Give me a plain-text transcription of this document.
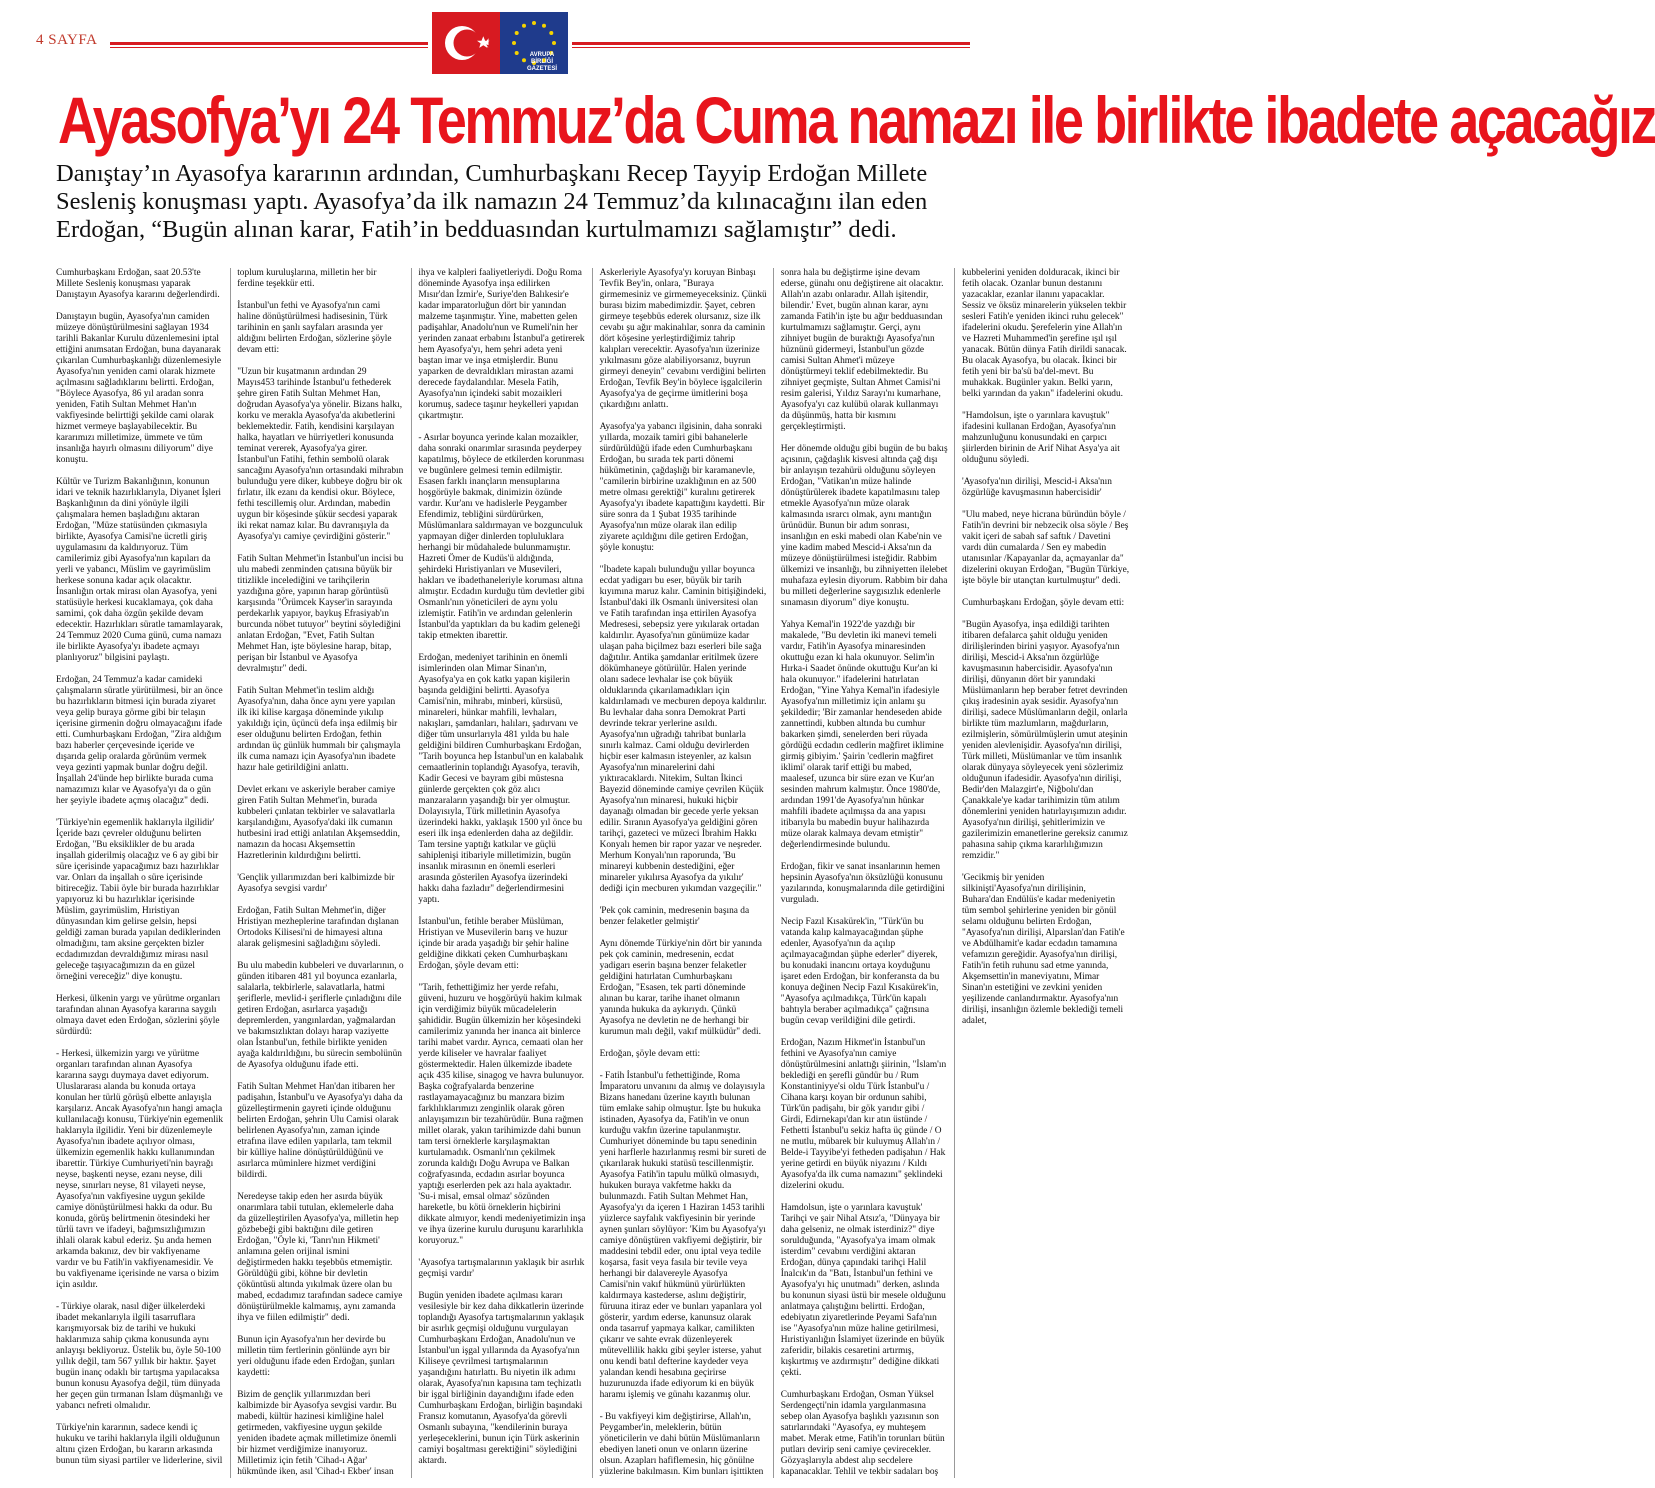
4 SAYFA
AVRUPA BİRLİĞİ GAZETESİ
Ayasofya’yı 24 Temmuz’da Cuma namazı ile birlikte ibadete açacağız
Danıştay’ın Ayasofya kararının ardından, Cumhurbaşkanı Recep Tayyip Erdoğan Millete Sesleniş konuşması yaptı. Ayasofya’da ilk namazın 24 Temmuz’da kılınacağını ilan eden Erdoğan, “Bugün alınan karar, Fatih’in bedduasından kurtulmamızı sağlamıştır” dedi.

Cumhurbaşkanı Erdoğan, saat 20.53'te Millete Sesleniş konuşması yaparak Danıştayın Ayasofya kararını değerlendirdi.

Danıştayın bugün, Ayasofya'nın camiden müzeye dönüştürülmesini sağlayan 1934 tarihli Bakanlar Kurulu düzenlemesini iptal ettiğini anımsatan Erdoğan, buna dayanarak çıkarılan Cumhurbaşkanlığı düzenlemesiyle Ayasofya'nın yeniden cami olarak hizmete açılmasını sağladıklarını belirtti. Erdoğan, "Böylece Ayasofya, 86 yıl aradan sonra yeniden, Fatih Sultan Mehmet Han'ın vakfiyesinde belirttiği şekilde cami olarak hizmet vermeye başlayabilecektir. Bu kararımızı milletimize, ümmete ve tüm insanlığa hayırlı olmasını diliyorum" diye konuştu.

Kültür ve Turizm Bakanlığının, konunun idari ve teknik hazırlıklarıyla, Diyanet İşleri Başkanlığının da dini yönüyle ilgili çalışmalara hemen başladığını aktaran Erdoğan, "Müze statüsünden çıkmasıyla birlikte, Ayasofya Camisi'ne ücretli giriş uygulamasını da kaldırıyoruz. Tüm camilerimiz gibi Ayasofya'nın kapıları da yerli ve yabancı, Müslim ve gayrimüslim herkese sonuna kadar açık olacaktır. İnsanlığın ortak mirası olan Ayasofya, yeni statüsüyle herkesi kucaklamaya, çok daha samimi, çok daha özgün şekilde devam edecektir. Hazırlıkları süratle tamamlayarak, 24 Temmuz 2020 Cuma günü, cuma namazı ile birlikte Ayasofya'yı ibadete açmayı planlıyoruz" bilgisini paylaştı.

Erdoğan, 24 Temmuz'a kadar camideki çalışmaların süratle yürütülmesi, bir an önce bu hazırlıkların bitmesi için burada ziyaret veya gelip buraya görme gibi bir telaşın içerisine girmenin doğru olmayacağını ifade etti. Cumhurbaşkanı Erdoğan, "Zira aldığım bazı haberler çerçevesinde içeride ve dışarıda gelip oralarda görünüm vermek veya gezinti yapmak bunlar doğru değil. İnşallah 24'ünde hep birlikte burada cuma namazımızı kılar ve Ayasofya'yı da o gün her şeyiyle ibadete açmış olacağız" dedi.

'Türkiye'nin egemenlik haklarıyla ilgilidir' İçeride bazı çevreler olduğunu belirten Erdoğan, "Bu eksiklikler de bu arada inşallah giderilmiş olacağız ve 6 ay gibi bir süre içerisinde yapacağımız bazı hazırlıklar var. Onları da inşallah o süre içerisinde bitireceğiz. Tabii öyle bir burada hazırlıklar yapıyoruz ki bu hazırlıklar içerisinde Müslim, gayrimüslim, Hıristiyan dünyasından kim gelirse gelsin, hepsi geldiği zaman burada yapılan dediklerinden olmadığını, tam aksine gerçekten bizler ecdadımızdan devraldığımız mirası nasıl geleceğe taşıyacağımızın da en güzel örneğini vereceğiz" diye konuştu.

Herkesi, ülkenin yargı ve yürütme organları tarafından alınan Ayasofya kararına saygılı olmaya davet eden Erdoğan, sözlerini şöyle sürdürdü:

- Herkesi, ülkemizin yargı ve yürütme organları tarafından alınan Ayasofya kararına saygı duymaya davet ediyorum. Uluslararası alanda bu konuda ortaya konulan her türlü görüşü elbette anlayışla karşılarız. Ancak Ayasofya'nın hangi amaçla kullanılacağı konusu, Türkiye'nin egemenlik haklarıyla ilgilidir. Yeni bir düzenlemeyle Ayasofya'nın ibadete açılıyor olması, ülkemizin egemenlik hakkı kullanımından ibarettir. Türkiye Cumhuriyeti'nin bayrağı neyse, başkenti neyse, ezanı neyse, dili neyse, sınırları neyse, 81 vilayeti neyse, Ayasofya'nın vakfiyesine uygun şekilde camiye dönüştürülmesi hakkı da odur. Bu konuda, görüş belirtmenin ötesindeki her türlü tavrı ve ifadeyi, bağımsızlığımızın ihlali olarak kabul ederiz. Şu anda hemen arkamda bakınız, dev bir vakfiyename vardır ve bu Fatih'in vakfiyenamesidir. Ve bu vakfiyename içerisinde ne varsa o bizim için asıldır.

- Türkiye olarak, nasıl diğer ülkelerdeki ibadet mekanlarıyla ilgili tasarruflara karışmıyorsak biz de tarihi ve hukuki haklarımıza sahip çıkma konusunda aynı anlayışı bekliyoruz. Üstelik bu, öyle 50-100 yıllık değil, tam 567 yıllık bir haktır. Şayet bugün inanç odaklı bir tartışma yapılacaksa bunun konusu Ayasofya değil, tüm dünyada her geçen gün tırmanan İslam düşmanlığı ve yabancı nefreti olmalıdır.

Türkiye'nin kararının, sadece kendi iç hukuku ve tarihi haklarıyla ilgili olduğunun altını çizen Erdoğan, bu kararın arkasında bunun tüm siyasi partiler ve liderlerine, sivil toplum kuruluşlarına, milletin her bir ferdine teşekkür etti.

İstanbul'un fethi ve Ayasofya'nın cami haline dönüştürülmesi hadisesinin, Türk tarihinin en şanlı sayfaları arasında yer aldığını belirten Erdoğan, sözlerine şöyle devam etti:

"Uzun bir kuşatmanın ardından 29 Mayıs453 tarihinde İstanbul'u fethederek şehre giren Fatih Sultan Mehmet Han, doğrudan Ayasofya'ya yönelir. Bizans halkı, korku ve merakla Ayasofya'da akıbetlerini beklemektedir. Fatih, kendisini karşılayan halka, hayatları ve hürriyetleri konusunda teminat vererek, Ayasofya'ya girer. İstanbul'un Fatihi, fethin sembolü olarak sancağını Ayasofya'nın ortasındaki mihrabın bulunduğu yere diker, kubbeye doğru bir ok fırlatır, ilk ezanı da kendisi okur. Böylece, fethi tescillemiş olur. Ardından, mabedin uygun bir köşesinde şükür secdesi yaparak iki rekat namaz kılar. Bu davranışıyla da Ayasofya'yı camiye çevirdiğini gösterir."

Fatih Sultan Mehmet'in İstanbul'un incisi bu ulu mabedi zenminden çatısına büyük bir titizlikle incelediğini ve tarihçilerin yazdığına göre, yapının harap görüntüsü karşısında "Örümcek Kayser'in sarayında perdekarlık yapıyor, baykuş Efrasiyab'ın burcunda nöbet tutuyor" beytini söylediğini anlatan Erdoğan, "Evet, Fatih Sultan Mehmet Han, işte böylesine harap, bitap, perişan bir İstanbul ve Ayasofya devralmıştır" dedi.

Fatih Sultan Mehmet'in teslim aldığı Ayasofya'nın, daha önce aynı yere yapılan ilk iki kilise kargaşa döneminde yıkılıp yakıldığı için, üçüncü defa inşa edilmiş bir eser olduğunu belirten Erdoğan, fethin ardından üç günlük hummalı bir çalışmayla ilk cuma namazı için Ayasofya'nın ibadete hazır hale getirildiğini anlattı.

Devlet erkanı ve askeriyle beraber camiye giren Fatih Sultan Mehmet'in, burada kubbeleri çınlatan tekbirler ve salavatlarla karşılandığını, Ayasofya'daki ilk cumanın hutbesini irad ettiği anlatılan Akşemseddin, namazın da hocası Akşemsettin Hazretlerinin kıldırdığını belirtti.

'Gençlik yıllarımızdan beri kalbimizde bir Ayasofya sevgisi vardır'

Erdoğan, Fatih Sultan Mehmet'in, diğer Hristiyan mezheplerine tarafından dışlanan Ortodoks Kilisesi'ni de himayesi altına alarak gelişmesini sağladığını söyledi.

Bu ulu mabedin kubbeleri ve duvarlarının, o günden itibaren 481 yıl boyunca ezanlarla, salalarla, tekbirlerle, salavatlarla, hatmi şeriflerle, mevlid-i şeriflerle çınladığını dile getiren Erdoğan, asırlarca yaşadığı depremlerden, yangınlardan, yağmalardan ve bakımsızlıktan dolayı harap vaziyette olan İstanbul'un, fethile birlikte yeniden ayağa kaldırıldığını, bu sürecin sembolünün de Ayasofya olduğunu ifade etti.

Fatih Sultan Mehmet Han'dan itibaren her padişahın, İstanbul'u ve Ayasofya'yı daha da güzelleştirmenin gayreti içinde olduğunu belirten Erdoğan, şehrin Ulu Camisi olarak belirlenen Ayasofya'nın, zaman içinde etrafına ilave edilen yapılarla, tam tekmil bir külliye haline dönüştürüldüğünü ve asırlarca müminlere hizmet verdiğini bildirdi.

Neredeyse takip eden her asırda büyük onarımlara tabii tutulan, eklemelerle daha da güzelleştirilen Ayasofya'ya, milletin hep gözbebeği gibi baktığını dile getiren Erdoğan, "Öyle ki, 'Tanrı'nın Hikmeti' anlamına gelen orijinal ismini değiştirmeden hakkı teşebbüs etmemiştir. Görüldüğü gibi, köhne bir devletin çöküntüsü altında yıkılmak üzere olan bu mabed, ecdadımız tarafından sadece camiye dönüştürülmekle kalmamış, aynı zamanda ihya ve fiilen edilmiştir" dedi.

Bunun için Ayasofya'nın her devirde bu milletin tüm fertlerinin gönlünde ayrı bir yeri olduğunu ifade eden Erdoğan, şunları kaydetti:

Bizim de gençlik yıllarımızdan beri kalbimizde bir Ayasofya sevgisi vardır. Bu mabedi, kültür hazinesi kimliğine halel getirmeden, vakfiyesine uygun şekilde yeniden ibadete açmak milletimize önemli bir hizmet verdiğimize inanıyoruz. Milletimiz için fetih 'Cihad-ı Ağar' hükmünde iken, asıl 'Cihad-ı Ekber' insan ihya ve kalpleri faaliyetleriydi. Doğu Roma döneminde Ayasofya inşa edilirken Mısır'dan İzmir'e, Suriye'den Balıkesir'e kadar imparatorluğun dört bir yanından malzeme taşınmıştır. Yine, mabetten gelen padişahlar, Anadolu'nun ve Rumeli'nin her yerinden zanaat erbabını İstanbul'a getirerek hem Ayasofya'yı, hem şehri adeta yeni baştan imar ve inşa etmişlerdir. Bunu yaparken de devraldıkları mirastan azami derecede faydalandılar. Mesela Fatih, Ayasofya'nın içindeki sabit mozaikleri korumuş, sadece taşınır heykelleri yapıdan çıkartmıştır.

- Asırlar boyunca yerinde kalan mozaikler, daha sonraki onarımlar sırasında peyderpey kapatılmış, böylece de etkilerden korunması ve bugünlere gelmesi temin edilmiştir. Esasen farklı inançların mensuplarına hoşgörüyle bakmak, dinimizin özünde vardır. Kur'anı ve hadislerle Peygamber Efendimiz, tebliğini sürdürürken, Müslümanlara saldırmayan ve bozgunculuk yapmayan diğer dinlerden topluluklara herhangi bir müdahalede bulunmamıştır. Hazreti Ömer de Kudüs'ü aldığında, şehirdeki Hıristiyanları ve Musevileri, hakları ve ibadethaneleriyle koruması altına almıştır. Ecdadın kurduğu tüm devletler gibi Osmanlı'nın yöneticileri de aynı yolu izlemiştir. Fatih'in ve ardından gelenlerin İstanbul'da yaptıkları da bu kadim geleneği takip etmekten ibarettir.

Erdoğan, medeniyet tarihinin en önemli isimlerinden olan Mimar Sinan'ın, Ayasofya'ya en çok katkı yapan kişilerin başında geldiğini belirtti. Ayasofya Camisi'nin, mihrabı, minberi, kürsüsü, minareleri, hünkar mahfili, levhaları, nakışları, şamdanları, halıları, şadırvanı ve diğer tüm unsurlarıyla 481 yılda bu hale geldiğini bildiren Cumhurbaşkanı Erdoğan, "Tarih boyunca hep İstanbul'un en kalabalık cemaatlerinin toplandığı Ayasofya, teravih, Kadir Gecesi ve bayram gibi müstesna günlerde gerçekten çok göz alıcı manzaraların yaşandığı bir yer olmuştur. Dolayısıyla, Türk milletinin Ayasofya üzerindeki hakkı, yaklaşık 1500 yıl önce bu eseri ilk inşa edenlerden daha az değildir. Tam tersine yaptığı katkılar ve güçlü sahiplenişi itibariyle milletimizin, bugün insanlık mirasının en önemli eserleri arasında gösterilen Ayasofya üzerindeki hakkı daha fazladır" değerlendirmesini yaptı.

İstanbul'un, fetihle beraber Müslüman, Hristiyan ve Musevilerin barış ve huzur içinde bir arada yaşadığı bir şehir haline geldiğine dikkati çeken Cumhurbaşkanı Erdoğan, şöyle devam etti:

"Tarih, fethettiğimiz her yerde refahı, güveni, huzuru ve hoşgörüyü hakim kılmak için verdiğimiz büyük mücadelelerin şahididir. Bugün ülkemizin her köşesindeki camilerimiz yanında her inanca ait binlerce tarihi mabet vardır. Ayrıca, cemaati olan her yerde kiliseler ve havralar faaliyet göstermektedir. Halen ülkemizde ibadete açık 435 kilise, sinagog ve havra bulunuyor. Başka coğrafyalarda benzerine rastlayamayacağınız bu manzara bizim farklılıklarımızı zenginlik olarak gören anlayışımızın bir tezahürüdür. Buna rağmen millet olarak, yakın tarihimizde dahi bunun tam tersi örneklerle karşılaşmaktan kurtulamadık. Osmanlı'nın çekilmek zorunda kaldığı Doğu Avrupa ve Balkan coğrafyasında, ecdadın asırlar boyunca yaptığı eserlerden pek azı hala ayaktadır. 'Su-i misal, emsal olmaz' sözünden hareketle, bu kötü örneklerin hiçbirini dikkate almıyor, kendi medeniyetimizin inşa ve ihya üzerine kurulu duruşunu kararlılıkla koruyoruz."

'Ayasofya tartışmalarının yaklaşık bir asırlık geçmişi vardır'

Bugün yeniden ibadete açılması kararı vesilesiyle bir kez daha dikkatlerin üzerinde toplandığı Ayasofya tartışmalarının yaklaşık bir asırlık geçmişi olduğunu vurgulayan Cumhurbaşkanı Erdoğan, Anadolu'nun ve İstanbul'un işgal yıllarında da Ayasofya'nın Kiliseye çevrilmesi tartışmalarının yaşandığını hatırlattı. Bu niyetin ilk adımı olarak, Ayasofya'nın kapısına tam teçhizatlı bir işgal birliğinin dayandığını ifade eden Cumhurbaşkanı Erdoğan, birliğin başındaki Fransız komutanın, Ayasofya'da görevli Osmanlı subayına, "kendilerinin buraya yerleşeceklerini, bunun için Türk askerinin camiyi boşaltması gerektiğini" söylediğini aktardı.

Askerleriyle Ayasofya'yı koruyan Binbaşı Tevfik Bey'in, onlara, "Buraya girmemesiniz ve girmemeyeceksiniz. Çünkü burası bizim mabedimizdir. Şayet, cebren girmeye teşebbüs ederek olursanız, size ilk cevabı şu ağır makinalılar, sonra da caminin dört köşesine yerleştirdiğimiz tahrip kalıpları verecektir. Ayasofya'nın üzerinize yıkılmasını göze alabiliyorsanız, buyrun girmeyi deneyin" cevabını verdiğini belirten Erdoğan, Tevfik Bey'in böylece işgalcilerin Ayasofya'ya de geçirme ümitlerini boşa çıkardığını anlattı.

Ayasofya'ya yabancı ilgisinin, daha sonraki yıllarda, mozaik tamiri gibi bahanelerle sürdürüldüğü ifade eden Cumhurbaşkanı Erdoğan, bu sırada tek parti dönemi hükümetinin, çağdaşlığı bir karamanevle, "camilerin birbirine uzaklığının en az 500 metre olması gerektiği" kuralını getirerek Ayasofya'yı ibadete kapattığını kaydetti. Bir süre sonra da 1 Şubat 1935 tarihinde Ayasofya'nın müze olarak ilan edilip ziyarete açıldığını dile getiren Erdoğan, şöyle konuştu:

"İbadete kapalı bulunduğu yıllar boyunca ecdat yadigarı bu eser, büyük bir tarih kıyımına maruz kalır. Caminin bitişiğindeki, İstanbul'daki ilk Osmanlı üniversitesi olan ve Fatih tarafından inşa ettirilen Ayasofya Medresesi, sebepsiz yere yıkılarak ortadan kaldırılır. Ayasofya'nın günümüze kadar ulaşan paha biçilmez bazı eserleri bile sağa dağıtılır. Antika şamdanlar eritilmek üzere dökümhaneye götürülür. Halen yerinde olanı sadece levhalar ise çok büyük olduklarında çıkarılamadıkları için kaldırılamadı ve mecburen depoya kaldırılır. Bu levhalar daha sonra Demokrat Parti devrinde tekrar yerlerine asıldı. Ayasofya'nın uğradığı tahribat bunlarla sınırlı kalmaz. Cami olduğu devirlerden hiçbir eser kalmasın isteyenler, az kalsın Ayasofya'nın minarelerini dahi yıktıracaklardı. Nitekim, Sultan İkinci Bayezid döneminde camiye çevrilen Küçük Ayasofya'nın minaresi, hukuki hiçbir dayanağı olmadan bir gecede yerle yeksan edilir. Sıranın Ayasofya'ya geldiğini gören tarihçi, gazeteci ve müzeci İbrahim Hakkı Konyalı hemen bir rapor yazar ve neşreder. Merhum Konyalı'nın raporunda, 'Bu minareyi kubbenin destediğini, eğer minareler yıkılırsa Ayasofya da yıkılır' dediği için mecburen yıkımdan vazgeçilir."

'Pek çok caminin, medresenin başına da benzer felaketler gelmiştir'

Aynı dönemde Türkiye'nin dört bir yanında pek çok caminin, medresenin, ecdat yadigarı eserin başına benzer felaketler geldiğini hatırlatan Cumhurbaşkanı Erdoğan, "Esasen, tek parti döneminde alınan bu karar, tarihe ihanet olmanın yanında hukuka da aykırıydı. Çünkü Ayasofya ne devletin ne de herhangi bir kurumun malı değil, vakıf mülküdür" dedi.

Erdoğan, şöyle devam etti:

- Fatih İstanbul'u fethettiğinde, Roma İmparatoru unvanını da almış ve dolayısıyla Bizans hanedanı üzerine kayıtlı bulunan tüm emlake sahip olmuştur. İşte bu hukuka istinaden, Ayasofya da, Fatih'in ve onun kurduğu vakfın üzerine tapulanmıştır. Cumhuriyet döneminde bu tapu senedinin yeni harflerle hazırlanmış resmi bir sureti de çıkarılarak hukuki statüsü tescillenmiştir. Ayasofya Fatih'in tapulu mülkü olmasıydı, hukuken buraya vakfetme hakkı da bulunmazdı. Fatih Sultan Mehmet Han, Ayasofya'yı da içeren 1 Haziran 1453 tarihli yüzlerce sayfalık vakfiyesinin bir yerinde aynen şunları söylüyor: 'Kim bu Ayasofya'yı camiye dönüştüren vakfiyemi değiştirir, bir maddesini tebdil eder, onu iptal veya tedile koşarsa, fasit veya fasıla bir tevile veya herhangi bir dalavereyle Ayasofya Camisi'nin vakıf hükmünü yürürlükten kaldırmaya kastederse, aslını değiştirir, füruuna itiraz eder ve bunları yapanlara yol gösterir, yardım ederse, kanunsuz olarak onda tasarruf yapmaya kalkar, camilikten çıkarır ve sahte evrak düzenleyerek mütevellilik hakkı gibi şeyler isterse, yahut onu kendi batıl defterine kaydeder veya yalandan kendi hesabına geçirirse huzurunuzda ifade ediyorum ki en büyük haramı işlemiş ve günahı kazanmış olur.

- Bu vakfiyeyi kim değiştirirse, Allah'ın, Peygamber'in, meleklerin, bütün yöneticilerin ve dahi bütün Müslümanların ebediyen laneti onun ve onların üzerine olsun. Azapları hafiflemesin, hiç gönülne yüzlerine bakılmasın. Kim bunları işittikten sonra hala bu değiştirme işine devam ederse, günahı onu değiştirene ait olacaktır. Allah'ın azabı onlaradır. Allah işitendir, bilendir.' Evet, bugün alınan karar, aynı zamanda Fatih'in işte bu ağır bedduasından kurtulmamızı sağlamıştır. Gerçi, aynı zihniyet bugün de buraktığı Ayasofya'nın hüznünü gidermeyi, İstanbul'un gözde camisi Sultan Ahmet'i müzeye dönüştürmeyi teklif edebilmektedir. Bu zihniyet geçmişte, Sultan Ahmet Camisi'ni resim galerisi, Yıldız Sarayı'nı kumarhane, Ayasofya'yı caz kulübü olarak kullanmayı da düşünmüş, hatta bir kısmını gerçekleştirmişti.

Her dönemde olduğu gibi bugün de bu bakış açısının, çağdaşlık kisvesi altında çağ dışı bir anlayışın tezahürü olduğunu söyleyen Erdoğan, "Vatikan'ın müze halinde dönüştürülerek ibadete kapatılmasını talep etmekle Ayasofya'nın müze olarak kalmasında ısrarcı olmak, aynı mantığın ürünüdür. Bunun bir adım sonrası, insanlığın en eski mabedi olan Kabe'nin ve yine kadim mabed Mescid-i Aksa'nın da müzeye dönüştürülmesi isteğidir. Rabbim ülkemizi ve insanlığı, bu zihniyetten ilelebet muhafaza eylesin diyorum. Rabbim bir daha bu milleti değerlerine saygısızlık edenlerle sınamasın diyorum" diye konuştu.

Yahya Kemal'in 1922'de yazdığı bir makalede, "Bu devletin iki manevi temeli vardır, Fatih'in Ayasofya minaresinden okuttuğu ezan ki hala okunuyor. Selim'in Hırka-i Saadet önünde okuttuğu Kur'an ki hala okunuyor." ifadelerini hatırlatan Erdoğan, "Yine Yahya Kemal'in ifadesiyle Ayasofya'nın milletimiz için anlamı şu şekildedir; 'Bir zamanlar hendeseden abide zannettindi, kubben altında bu cumhur bakarken şimdi, senelerden beri rüyada gördüğü ecdadın cedlerin mağfiret iklimine girmiş gibiyim.' Şairin 'cedlerin mağfiret iklimi' olarak tarif ettiği bu mabed, maalesef, uzunca bir süre ezan ve Kur'an sesinden mahrum kalmıştır. Önce 1980'de, ardından 1991'de Ayasofya'nın hünkar mahfili ibadete açılmışsa da ana yapısı itibarıyla bu mabedin buyur halihazırda müze olarak kalmaya devam etmiştir" değerlendirmesinde bulundu.

Erdoğan, fikir ve sanat insanlarının hemen hepsinin Ayasofya'nın öksüzlüğü konusunu yazılarında, konuşmalarında dile getirdiğini vurguladı.

Necip Fazıl Kısakürek'in, "Türk'ün bu vatanda kalıp kalmayacağından şüphe edenler, Ayasofya'nın da açılıp açılmayacağından şüphe ederler" diyerek, bu konudaki inancını ortaya koyduğunu işaret eden Erdoğan, bir konferansta da bu konuya değinen Necip Fazıl Kısakürek'in, "Ayasofya açılmadıkça, Türk'ün kapalı bahtıyla beraber açılmadıkça" çağrısına bugün cevap verildiğini dile getirdi.

Erdoğan, Nazım Hikmet'in İstanbul'un fethini ve Ayasofya'nın camiye dönüştürülmesini anlattığı şiirinin, "İslam'ın beklediği en şerefli gündür bu / Rum Konstantiniyye'si oldu Türk İstanbul'u / Cihana karşı koyan bir ordunun sahibi, Türk'ün padişahı, bir gök yarıdır gibi / Girdi, Edirnekapı'dan kır atın üstünde / Fethetti İstanbul'u sekiz hafta üç günde / O ne mutlu, mübarek bir kuluymuş Allah'ın / Belde-i Tayyibe'yi fetheden padişahın / Hak yerine getirdi en büyük niyazını / Kıldı Ayasofya'da ilk cuma namazını" şeklindeki dizelerini okudu.

Hamdolsun, işte o yarınlara kavuştuk' Tarihçi ve şair Nihal Atsız'a, "Dünyaya bir daha gelseniz, ne olmak isterdiniz?" diye sorulduğunda, "Ayasofya'ya imam olmak isterdim" cevabını verdiğini aktaran Erdoğan, dünya çapındaki tarihçi Halil İnalcık'ın da "Batı, İstanbul'un fethini ve Ayasofya'yı hiç unutmadı" derken, aslında bu konunun siyasi üstü bir mesele olduğunu anlatmaya çalıştığını belirtti. Erdoğan, edebiyatın ziyaretlerinde Peyami Safa'nın ise "Ayasofya'nın müze haline getirilmesi, Hıristiyanlığın İslamiyet üzerinde en büyük zaferidir, bilakis cesaretini artırmış, kışkırtmış ve azdırmıştır" dediğine dikkati çekti.

Cumhurbaşkanı Erdoğan, Osman Yüksel Serdengeçti'nin idamla yargılanmasına sebep olan Ayasofya başlıklı yazısının son satırlarındaki "Ayasofya, ey muhteşem mabet. Merak etme, Fatih'in torunları bütün putları devirip seni camiye çevirecekler. Gözyaşlarıyla abdest alıp secdelere kapanacaklar. Tehlil ve tekbir sadaları boş kubbelerini yeniden dolduracak, ikinci bir fetih olacak. Ozanlar bunun destanını yazacaklar, ezanlar ilanını yapacaklar. Sessiz ve öksüz minarelerin yükselen tekbir sesleri Fatih'e yeniden ikinci ruhu gelecek" ifadelerini okudu. Şerefelerin yine Allah'ın ve Hazreti Muhammed'in şerefine ışıl ışıl yanacak. Bütün dünya Fatih dirildi sanacak. Bu olacak Ayasofya, bu olacak. İkinci bir fetih yeni bir ba'sü ba'del-mevt. Bu muhakkak. Bugünler yakın. Belki yarın, belki yarından da yakın" ifadelerini okudu.

"Hamdolsun, işte o yarınlara kavuştuk" ifadesini kullanan Erdoğan, Ayasofya'nın mahzunluğunu konusundaki en çarpıcı şiirlerden birinin de Arif Nihat Asya'ya ait olduğunu söyledi.

'Ayasofya'nın dirilişi, Mescid-i Aksa'nın özgürlüğe kavuşmasının habercisidir'

"Ulu mabed, neye hicrana büründün böyle / Fatih'in devrini bir nebzecik olsa söyle / Beş vakit içeri de sabah saf saftık / Davetini vardı dün cumalarda / Sen ey mabedin utanısınlar /Kapayanlar da, açmayanlar da" dizelerini okuyan Erdoğan, "Bugün Türkiye, işte böyle bir utançtan kurtulmuştur" dedi.

Cumhurbaşkanı Erdoğan, şöyle devam etti:

"Bugün Ayasofya, inşa edildiği tarihten itibaren defalarca şahit olduğu yeniden dirilişlerinden birini yaşıyor. Ayasofya'nın dirilişi, Mescid-i Aksa'nın özgürlüğe kavuşmasının habercisidir. Ayasofya'nın dirilişi, dünyanın dört bir yanındaki Müslümanların hep beraber fetret devrinden çıkış iradesinin ayak sesidir. Ayasofya'nın dirilişi, sadece Müslümanların değil, onlarla birlikte tüm mazlumların, mağdurların, ezilmişlerin, sömürülmüşlerin umut ateşinin yeniden alevlenişidir. Ayasofya'nın dirilişi, Türk milleti, Müslümanlar ve tüm insanlık olarak dünyaya söyleyecek yeni sözlerimiz olduğunun ifadesidir. Ayasofya'nın dirilişi, Bedir'den Malazgirt'e, Niğbolu'dan Çanakkale'ye kadar tarihimizin tüm atılım dönemlerini yeniden hatırlayışımızın adıdır. Ayasofya'nın dirilişi, şehitlerimizin ve gazilerimizin emanetlerine gereksiz canımız pahasına sahip çıkma kararlılığımızın remzidir."

'Gecikmiş bir yeniden silkinişti'Ayasofya'nın dirilişinin, Buhara'dan Endülüs'e kadar medeniyetin tüm sembol şehirlerine yeniden bir gönül selamı olduğunu belirten Erdoğan, "Ayasofya'nın dirilişi, Alparslan'dan Fatih'e ve Abdülhamit'e kadar ecdadın tamamına vefamızın gereğidir. Ayasofya'nın dirilişi, Fatih'in fetih ruhunu sad etme yanında, Akşemsettin'in maneviyatını, Mimar Sinan'ın estetiğini ve zevkini yeniden yeşilizende canlandırmaktır. Ayasofya'nın dirilişi, insanlığın özlemle beklediği temeli adalet,
